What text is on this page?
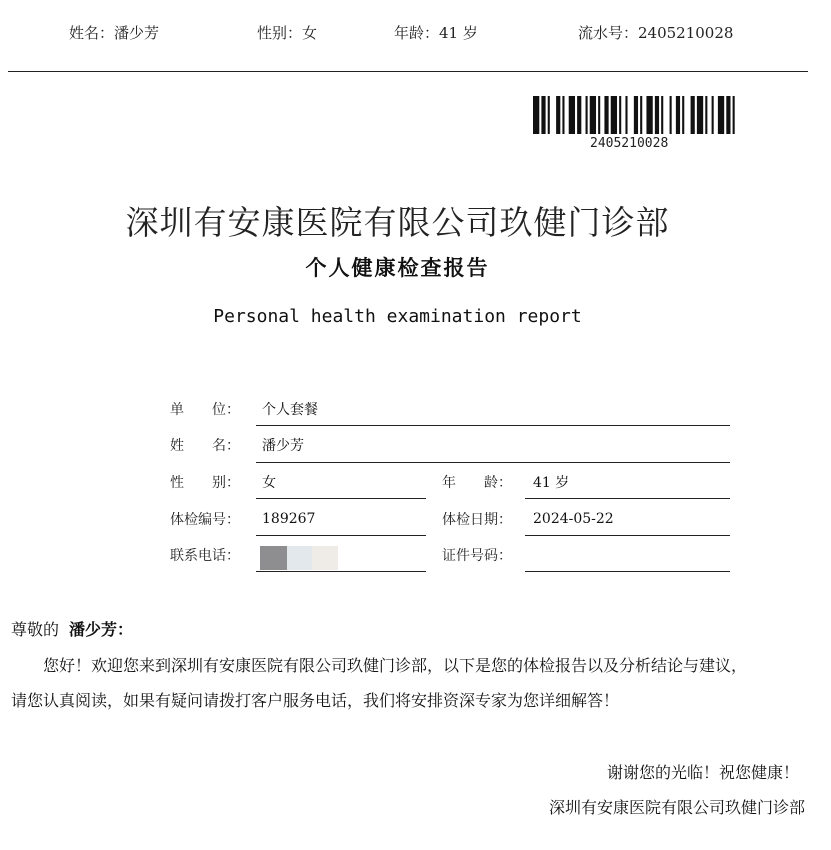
姓名：潘少芳	性别：女	年龄：41 岁	流水号：2405210028
2405210028
深圳有安康医院有限公司玖健门诊部
个人健康检查报告
Personal health examination report
单　　位： 个人套餐
姓　　名： 潘少芳
性　　别： 女	年　　龄： 41 岁
体检编号： 189267	体检日期： 2024-05-22
联系电话：	证件号码：
尊敬的 潘少芳：
您好！欢迎您来到深圳有安康医院有限公司玖健门诊部，以下是您的体检报告以及分析结论与建议，
请您认真阅读，如果有疑问请拨打客户服务电话，我们将安排资深专家为您详细解答！
谢谢您的光临！祝您健康！
深圳有安康医院有限公司玖健门诊部
